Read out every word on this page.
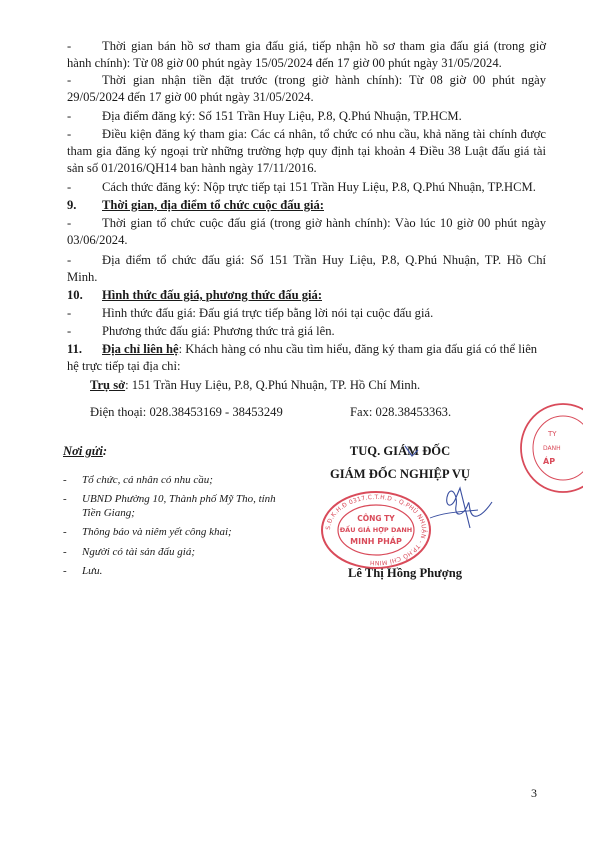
- Thời gian bán hồ sơ tham gia đấu giá, tiếp nhận hồ sơ tham gia đấu giá (trong giờ
hành chính): Từ 08 giờ 00 phút ngày 15/05/2024 đến 17 giờ 00 phút ngày 31/05/2024.
- Thời gian nhận tiền đặt trước (trong giờ hành chính): Từ 08 giờ 00 phút ngày
29/05/2024 đến 17 giờ 00 phút ngày 31/05/2024.
- Địa điểm đăng ký: Số 151 Trần Huy Liệu, P.8, Q.Phú Nhuận, TP.HCM.
- Điều kiện đăng ký tham gia: Các cá nhân, tổ chức có nhu cầu, khả năng tài chính được
tham gia đăng ký ngoại trừ những trường hợp quy định tại khoản 4 Điều 38 Luật đấu giá tài
sản số 01/2016/QH14 ban hành ngày 17/11/2016.
- Cách thức đăng ký: Nộp trực tiếp tại 151 Trần Huy Liệu, P.8, Q.Phú Nhuận, TP.HCM.
9. Thời gian, địa điểm tổ chức cuộc đấu giá:
- Thời gian tổ chức cuộc đấu giá (trong giờ hành chính): Vào lúc 10 giờ 00 phút ngày
03/06/2024.
- Địa điểm tổ chức đấu giá: Số 151 Trần Huy Liệu, P.8, Q.Phú Nhuận, TP. Hồ Chí
Minh.
10. Hình thức đấu giá, phương thức đấu giá:
- Hình thức đấu giá: Đấu giá trực tiếp bằng lời nói tại cuộc đấu giá.
- Phương thức đấu giá: Phương thức trả giá lên.
11. Địa chỉ liên hệ: Khách hàng có nhu cầu tìm hiểu, đăng ký tham gia đấu giá có thể liên
hệ trực tiếp tại địa chỉ:
Trụ sở: 151 Trần Huy Liệu, P.8, Q.Phú Nhuận, TP. Hồ Chí Minh.
Điện thoại: 028.38453169 - 38453249	Fax: 028.38453363.
Nơi gửi:
- Tổ chức, cá nhân có nhu cầu;
- UBND Phường 10, Thành phố Mỹ Tho, tỉnh
Tiền Giang;
- Thông báo và niêm yết công khai;
- Người có tài sản đấu giá;
- Lưu.
TUQ. GIÁM ĐỐC
GIÁM ĐỐC NGHIỆP VỤ
Lê Thị Hồng Phượng
S.Đ.K.H.Đ 0317.C.T.H.D - Q.PHÚ NHUẬN - TP.HỒ CHÍ MINH
CÔNG TY
ĐẤU GIÁ HỢP DANH
MINH PHÁP
TY
DANH
ÁP
3
